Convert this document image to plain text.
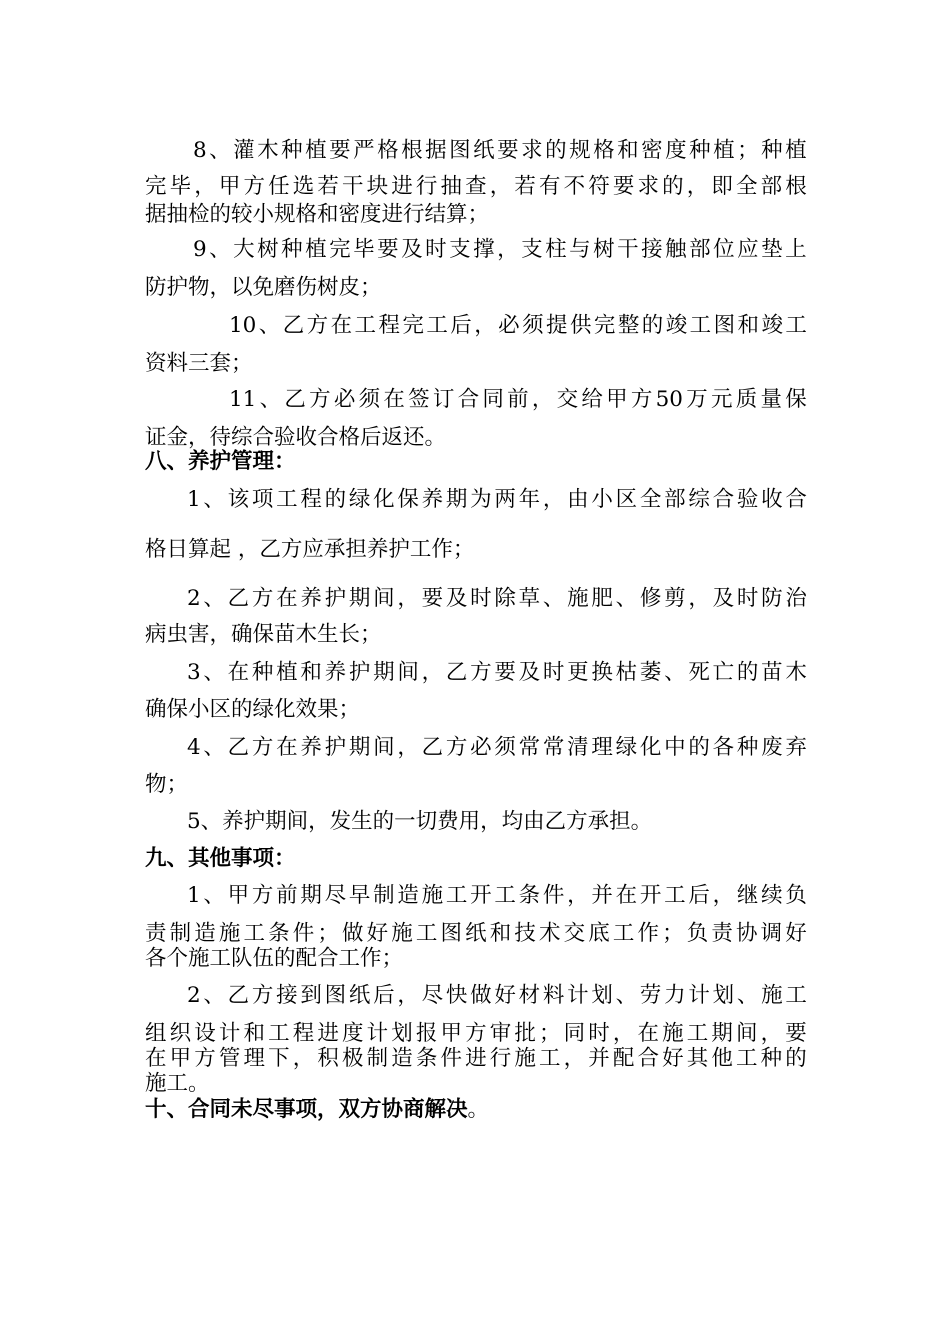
8 、 灌 木 种 植 要 严 格 根 据 图 纸 要 求 的 规 格 和 密 度 种 植 ； 种 植
完 毕 ， 甲 方 任 选 若 干 块 进 行 抽 查 ， 若 有 不 符 要 求 的 ， 即 全 部 根
据抽检的较小规格和密度进行结算；
9 、 大 树 种 植 完 毕 要 及 时 支 撑 ， 支 柱 与 树 干 接 触 部 位 应 垫 上
防护物，以免磨伤树皮；
10 、 乙 方 在 工 程 完 工 后 ， 必 须 提 供 完 整 的 竣 工 图 和 竣 工
资料三套；
11 、 乙 方 必 须 在 签 订 合 同 前 ， 交 给 甲 方 50 万 元 质 量 保
证金，待综合验收合格后返还。
八、养护管理：
1 、 该 项 工 程 的 绿 化 保 养 期 为 两 年 ， 由 小 区 全 部 综 合 验 收 合
格日算起 ，乙方应承担养护工作；
2 、 乙 方 在 养 护 期 间 ， 要 及 时 除 草 、 施 肥 、 修 剪 ， 及 时 防 治
病虫害，确保苗木生长；
3 、 在 种 植 和 养 护 期 间 ， 乙 方 要 及 时 更 换 枯 萎 、 死 亡 的 苗 木
确保小区的绿化效果；
4 、 乙 方 在 养 护 期 间 ， 乙 方 必 须 常 常 清 理 绿 化 中 的 各 种 废 弃
物；
5、养护期间，发生的一切费用，均由乙方承担。
九、其他事项：
1 、 甲 方 前 期 尽 早 制 造 施 工 开 工 条 件 ， 并 在 开 工 后 ， 继 续 负
责 制 造 施 工 条 件 ； 做 好 施 工 图 纸 和 技 术 交 底 工 作 ； 负 责 协 调 好
各个施工队伍的配合工作；
2 、 乙 方 接 到 图 纸 后 ， 尽 快 做 好 材 料 计 划 、 劳 力 计 划 、 施 工
组 织 设 计 和 工 程 进 度 计 划 报 甲 方 审 批 ； 同 时 ， 在 施 工 期 间 ， 要
在 甲 方 管 理 下 ， 积 极 制 造 条 件 进 行 施 工 ， 并 配 合 好 其 他 工 种 的
施工。
十、合同未尽事项，双方协商解决。
